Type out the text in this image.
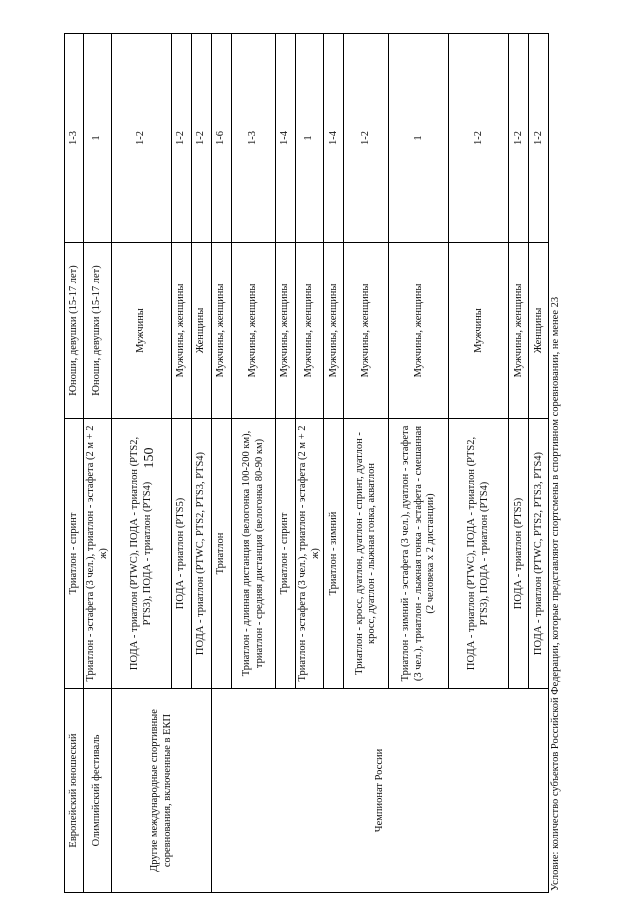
150
Европейский юношеский	Триатлон - спринт	Юноши, девушки (15-17 лет)	1-3
Олимпийский фестиваль	Триатлон - эстафета (3 чел.), триатлон - эстафета (2 м + 2 ж)	Юноши, девушки (15-17 лет)	1
Другие международные спортивные соревнования, включенные в ЕКП	ПОДА - триатлон (PTWC), ПОДА - триатлон (PTS2, PTS3), ПОДА - триатлон (PTS4)	Мужчины	1-2
	ПОДА - триатлон (PTS5)	Мужчины, женщины	1-2
	ПОДА - триатлон (PTWC, PTS2, PTS3, PTS4)	Женщины	1-2
Чемпионат России	Триатлон	Мужчины, женщины	1-6
	Триатлон - длинная дистанция (велогонка 100-200 км), триатлон - средняя дистанция (велогонка 80-90 км)	Мужчины, женщины	1-3
	Триатлон - спринт	Мужчины, женщины	1-4
	Триатлон - эстафета (3 чел.), триатлон - эстафета (2 м + 2 ж)	Мужчины, женщины	1
	Триатлон - зимний	Мужчины, женщины	1-4
	Триатлон - кросс, дуатлон, дуатлон - спринт, дуатлон - кросс, дуатлон - лыжная гонка, акватлон	Мужчины, женщины	1-2
	Триатлон - зимний - эстафета (3 чел.), дуатлон - эстафета (3 чел.), триатлон - лыжная гонка - эстафета - смешанная (2 человека х 2 дистанции)	Мужчины, женщины	1
	ПОДА - триатлон (PTWC), ПОДА - триатлон (PTS2, PTS3), ПОДА - триатлон (PTS4)	Мужчины	1-2
	ПОДА - триатлон (PTS5)	Мужчины, женщины	1-2
	ПОДА - триатлон (PTWC, PTS2, PTS3, PTS4)	Женщины	1-2
Условие: количество субъектов Российской Федерации, которые представляют спортсмены в спортивном соревновании, не менее 23
